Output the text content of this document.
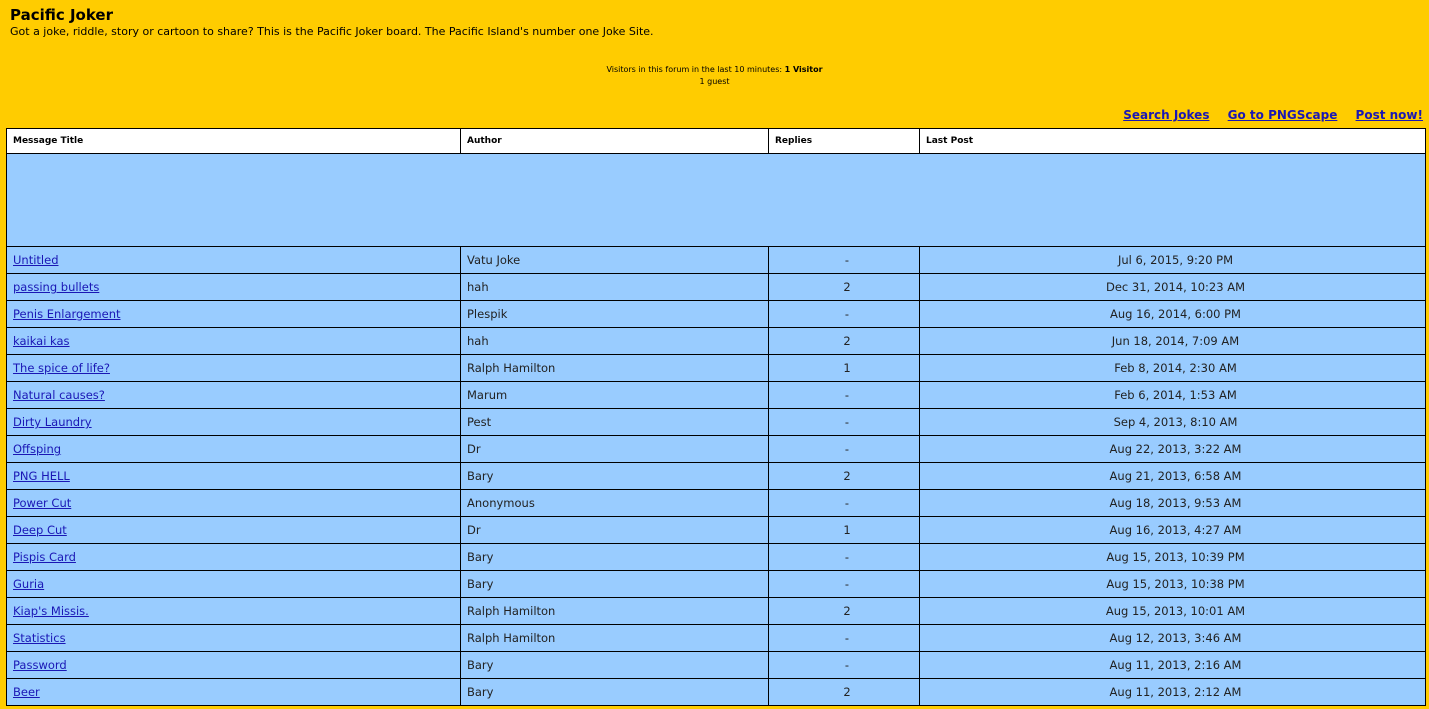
Pacific Joker
Got a joke, riddle, story or cartoon to share? This is the Pacific Joker board. The Pacific Island's number one Joke Site.
Visitors in this forum in the last 10 minutes: 1 Visitor
1 guest
Search Jokes Go to PNGScape Post now!
Message Title	Author	Replies	Last Post

Untitled	Vatu Joke	-	Jul 6, 2015, 9:20 PM
passing bullets	hah	2	Dec 31, 2014, 10:23 AM
Penis Enlargement	Plespik	-	Aug 16, 2014, 6:00 PM
kaikai kas	hah	2	Jun 18, 2014, 7:09 AM
The spice of life?	Ralph Hamilton	1	Feb 8, 2014, 2:30 AM
Natural causes?	Marum	-	Feb 6, 2014, 1:53 AM
Dirty Laundry	Pest	-	Sep 4, 2013, 8:10 AM
Offsping	Dr	-	Aug 22, 2013, 3:22 AM
PNG HELL	Bary	2	Aug 21, 2013, 6:58 AM
Power Cut	Anonymous	-	Aug 18, 2013, 9:53 AM
Deep Cut	Dr	1	Aug 16, 2013, 4:27 AM
Pispis Card	Bary	-	Aug 15, 2013, 10:39 PM
Guria	Bary	-	Aug 15, 2013, 10:38 PM
Kiap's Missis.	Ralph Hamilton	2	Aug 15, 2013, 10:01 AM
Statistics	Ralph Hamilton	-	Aug 12, 2013, 3:46 AM
Password	Bary	-	Aug 11, 2013, 2:16 AM
Beer	Bary	2	Aug 11, 2013, 2:12 AM
